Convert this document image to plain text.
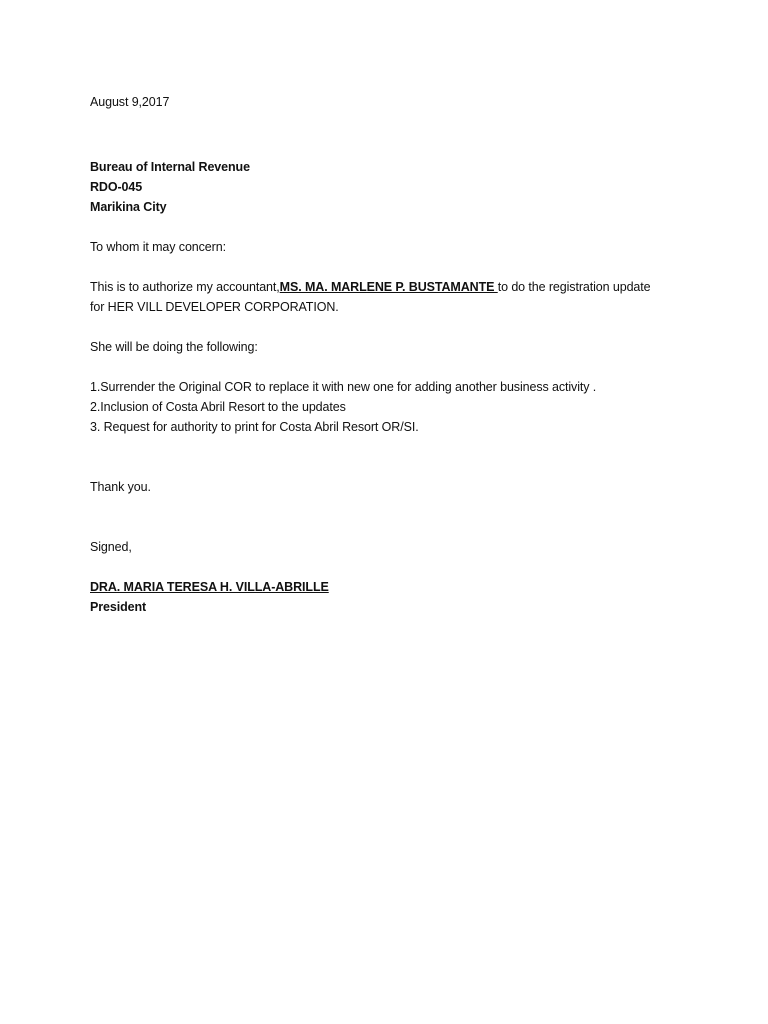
August 9,2017
Bureau of Internal Revenue
RDO-045
Marikina City
To whom it may concern:
This is to authorize my accountant,MS. MA. MARLENE P. BUSTAMANTE to do the registration update
for HER VILL DEVELOPER CORPORATION.
She will be doing the following:
1.Surrender the Original COR to replace it with new one for adding another business activity .
2.Inclusion of Costa Abril Resort to the updates
3. Request for authority to print for Costa Abril Resort OR/SI.
Thank you.
Signed,
DRA. MARIA TERESA H. VILLA-ABRILLE
President
